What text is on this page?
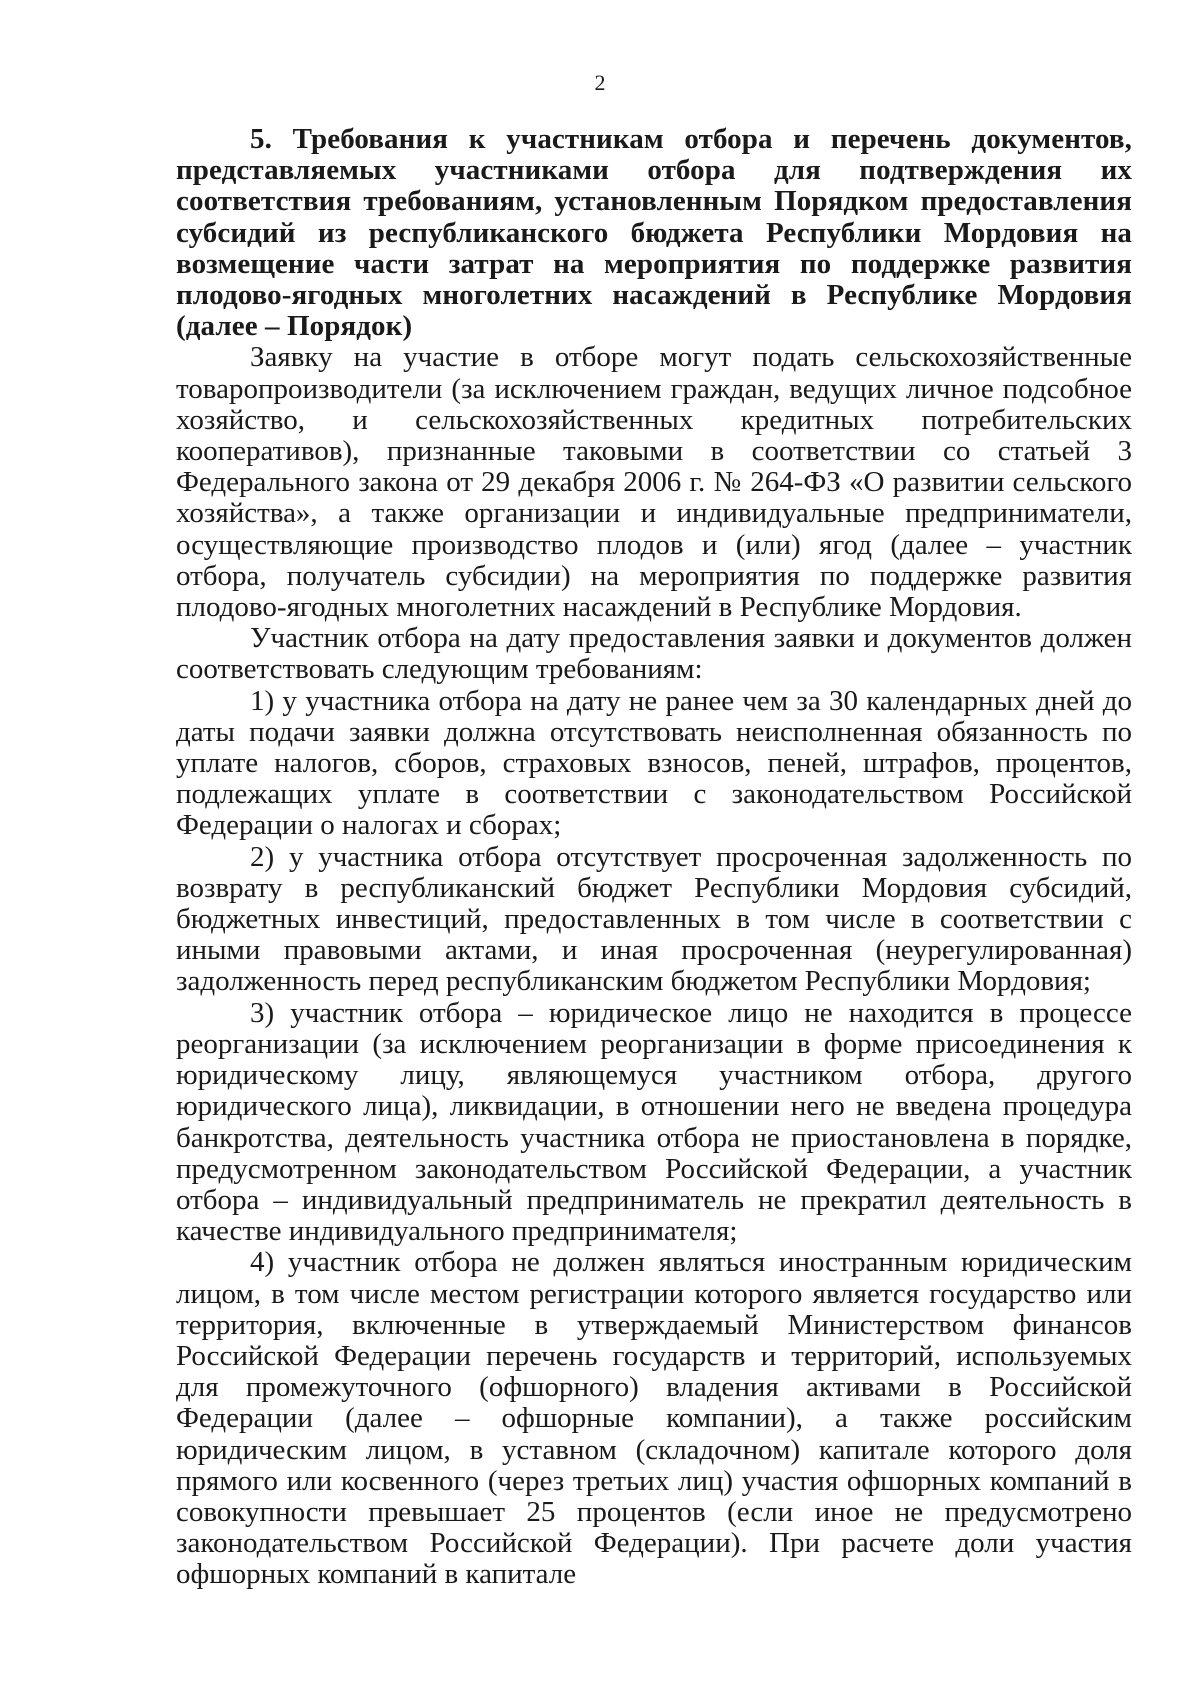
2

5. Требования к участникам отбора и перечень документов, представляемых участниками отбора для подтверждения их соответствия требованиям, установленным Порядком предоставления субсидий из республиканского бюджета Республики Мордовия на возмещение части затрат на мероприятия по поддержке развития плодово-ягодных многолетних насаждений в Республике Мордовия (далее – Порядок)

Заявку на участие в отборе могут подать сельскохозяйственные товаропроизводители (за исключением граждан, ведущих личное подсобное хозяйство, и сельскохозяйственных кредитных потребительских кооперативов), признанные таковыми в соответствии со статьей 3 Федерального закона от 29 декабря 2006 г. № 264-ФЗ «О развитии сельского хозяйства», а также организации и индивидуальные предприниматели, осуществляющие производство плодов и (или) ягод (далее – участник отбора, получатель субсидии) на мероприятия по поддержке развития плодово-ягодных многолетних насаждений в Республике Мордовия.

Участник отбора на дату предоставления заявки и документов должен соответствовать следующим требованиям:

1) у участника отбора на дату не ранее чем за 30 календарных дней до даты подачи заявки должна отсутствовать неисполненная обязанность по уплате налогов, сборов, страховых взносов, пеней, штрафов, процентов, подлежащих уплате в соответствии с законодательством Российской Федерации о налогах и сборах;

2) у участника отбора отсутствует просроченная задолженность по возврату в республиканский бюджет Республики Мордовия субсидий, бюджетных инвестиций, предоставленных в том числе в соответствии с иными правовыми актами, и иная просроченная (неурегулированная) задолженность перед республиканским бюджетом Республики Мордовия;

3) участник отбора – юридическое лицо не находится в процессе реорганизации (за исключением реорганизации в форме присоединения к юридическому лицу, являющемуся участником отбора, другого юридического лица), ликвидации, в отношении него не введена процедура банкротства, деятельность участника отбора не приостановлена в порядке, предусмотренном законодательством Российской Федерации, а участник отбора – индивидуальный предприниматель не прекратил деятельность в качестве индивидуального предпринимателя;

4) участник отбора не должен являться иностранным юридическим лицом, в том числе местом регистрации которого является государство или территория, включенные в утверждаемый Министерством финансов Российской Федерации перечень государств и территорий, используемых для промежуточного (офшорного) владения активами в Российской Федерации (далее – офшорные компании), а также российским юридическим лицом, в уставном (складочном) капитале которого доля прямого или косвенного (через третьих лиц) участия офшорных компаний в совокупности превышает 25 процентов (если иное не предусмотрено законодательством Российской Федерации). При расчете доли участия офшорных компаний в капитале
